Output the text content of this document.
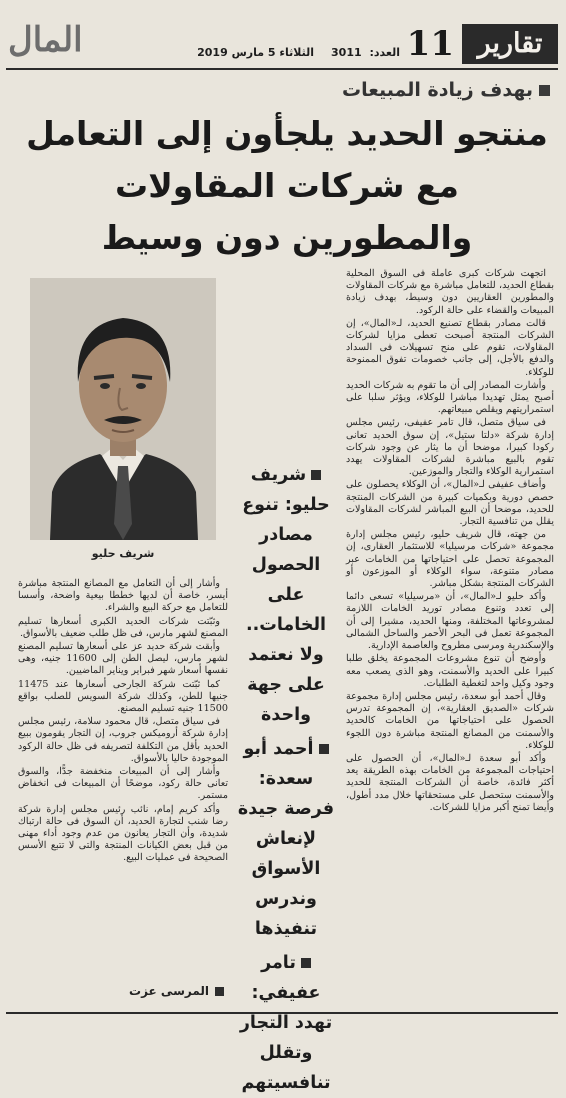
تقارير
11
العدد: 3011
الثلاثاء 5 مارس 2019
المال
بهدف زيادة المبيعات
منتجو الحديد يلجأون إلى التعامل مع شركات المقاولات والمطورين دون وسيط

اتجهت شركات كبرى عاملة فى السوق المحلية بقطاع الحديد، للتعامل مباشرة مع شركات المقاولات والمطورين العقاريين دون وسيط، بهدف زيادة المبيعات والقضاء على حالة الركود.

قالت مصادر بقطاع تصنيع الحديد، لـ«المال»، إن الشركات المنتجة أصبحت تعطى مزايا لشركات المقاولات، تقوم على منح تسهيلات فى السداد والدفع بالأجل، إلى جانب خصومات تفوق الممنوحة للوكلاء.

وأشارت المصادر إلى أن ما تقوم به شركات الحديد أصبح يمثل تهديدا مباشرا للوكلاء، ويؤثر سلبا على استمراريتهم ويقلص مبيعاتهم.

فى سياق متصل، قال تامر عفيفى، رئيس مجلس إدارة شركة «دلتا ستيل»، إن سوق الحديد تعانى ركودا كبيرا، موضحا أن ما يثار عن وجود شركات تقوم بالبيع مباشرة لشركات المقاولات يهدد استمرارية الوكلاء والتجار والموزعين.

وأضاف عفيفى لـ«المال»، أن الوكلاء يحصلون على حصص دورية وبكميات كبيرة من الشركات المنتجة للحديد، موضحا أن البيع المباشر لشركات المقاولات يقلل من تنافسية التجار.

من جهته، قال شريف حليو، رئيس مجلس إدارة مجموعة «شركات مرسيليا» للاستثمار العقارى، إن المجموعة تحصل على احتياجاتها من الخامات عبر مصادر متنوعة، سواء الوكلاء أو الموزعون أو الشركات المنتجة بشكل مباشر.

وأكد حليو لـ«المال»، أن «مرسيليا» تسعى دائما إلى تعدد وتنوع مصادر توريد الخامات اللازمة لمشروعاتها المختلفة، ومنها الحديد، مشيرا إلى أن المجموعة تعمل فى البحر الأحمر والساحل الشمالى والإسكندرية ومرسى مطروح والعاصمة الإدارية.

وأوضح أن تنوع مشروعات المجموعة يخلق طلبا كبيرا على الحديد والأسمنت، وهو الذى يصعب معه وجود وكيل واحد لتغطية الطلبات.

وقال أحمد أبو سعدة، رئيس مجلس إدارة مجموعة شركات «الصديق العقارية»، إن المجموعة تدرس الحصول على احتياجاتها من الخامات كالحديد والأسمنت من المصانع المنتجة مباشرة دون اللجوء للوكلاء.

وأكد أبو سعدة لـ«المال»، أن الحصول على احتياجات المجموعة من الخامات بهذه الطريقة يعد أكثر فائدة، خاصة أن الشركات المنتجة للحديد والأسمنت ستحصل على مستحقاتها خلال مدد أطول، وأيضا تمنح أكبر مزايا للشركات.

شريف حليو
شريف حليو: تنوع مصادر الحصول على الخامات.. ولا نعتمد على جهة واحدة
أحمد أبو سعدة: فرصة جيدة لإنعاش الأسواق وندرس تنفيذها
تامر عفيفي: تهدد التجار وتقلل تنافسيتهم

وأشار إلى أن التعامل مع المصانع المنتجة مباشرة أيسر، خاصة أن لديها خططا بيعية واضحة، وأسسا للتعامل مع حركة البيع والشراء.

وثبّتت شركات الحديد الكبرى أسعارها تسليم المصنع لشهر مارس، فى ظل طلب ضعيف بالأسواق.

وأبقت شركة حديد عز على أسعارها تسليم المصنع لشهر مارس، ليصل الطن إلى 11600 جنيه، وهى نفسها أسعار شهر فبراير ويناير الماضيين.

كما ثبّتت شركة الجارحى أسعارها عند 11475 جنيها للطن، وكذلك شركة السويس للصلب بواقع 11500 جنيه تسليم المصنع.

فى سياق متصل، قال محمود سلامة، رئيس مجلس إدارة شركة أروميكس جروب، إن التجار يقومون ببيع الحديد بأقل من التكلفة لتصريفه فى ظل حالة الركود الموجودة حاليا بالأسواق.

وأشار إلى أن المبيعات منخفضة جدًّا، والسوق تعانى حالة ركود، موضحًا أن المبيعات فى انخفاض مستمر.

وأكد كريم إمام، نائب رئيس مجلس إدارة شركة رضا شنب لتجارة الحديد، أن السوق فى حالة ارتباك شديدة، وأن التجار يعانون من عدم وجود أداء مهنى من قبل بعض الكيانات المنتجة والتى لا تتبع الأسس الصحيحة فى عمليات البيع.

المرسى عزت
